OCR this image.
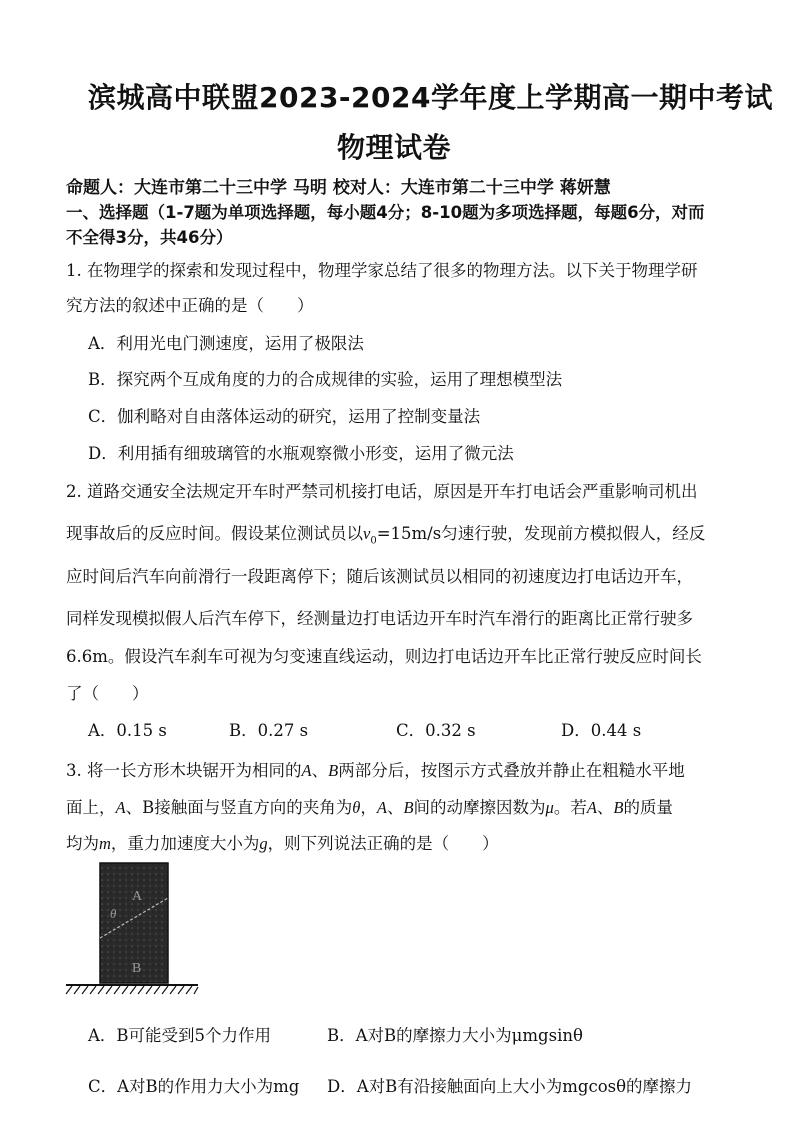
滨城高中联盟2023-2024学年度上学期高一期中考试
物理试卷
命题人：大连市第二十三中学 马明 校对人：大连市第二十三中学 蒋妍慧
一、选择题（1-7题为单项选择题，每小题4分；8-10题为多项选择题，每题6分，对而
不全得3分，共46分）
1. 在物理学的探索和发现过程中，物理学家总结了很多的物理方法。以下关于物理学研
究方法的叙述中正确的是（　　）
A．利用光电门测速度，运用了极限法
B．探究两个互成角度的力的合成规律的实验，运用了理想模型法
C．伽利略对自由落体运动的研究，运用了控制变量法
D．利用插有细玻璃管的水瓶观察微小形变，运用了微元法
2. 道路交通安全法规定开车时严禁司机接打电话，原因是开车打电话会严重影响司机出
现事故后的反应时间。假设某位测试员以$v_0=15m/s$匀速行驶，发现前方模拟假人，经反
应时间后汽车向前滑行一段距离停下；随后该测试员以相同的初速度边打电话边开车，
同样发现模拟假人后汽车停下，经测量边打电话边开车时汽车滑行的距离比正常行驶多
6.6m。假设汽车刹车可视为匀变速直线运动，则边打电话边开车比正常行驶反应时间长
了（　　）
A．0.15 s	B．0.27 s	C．0.32 s	D．0.44 s
3. 将一长方形木块锯开为相同的A、B两部分后，按图示方式叠放并静止在粗糙水平地
面上，A、B接触面与竖直方向的夹角为θ，A、B间的动摩擦因数为μ。若A、B的质量
均为m，重力加速度大小为g，则下列说法正确的是（　　）
A
B
θ
A．B可能受到5个力作用	B．A对B的摩擦力大小为μmgsinθ
C．A对B的作用力大小为mg D．A对B有沿接触面向上大小为mgcosθ的摩擦力
